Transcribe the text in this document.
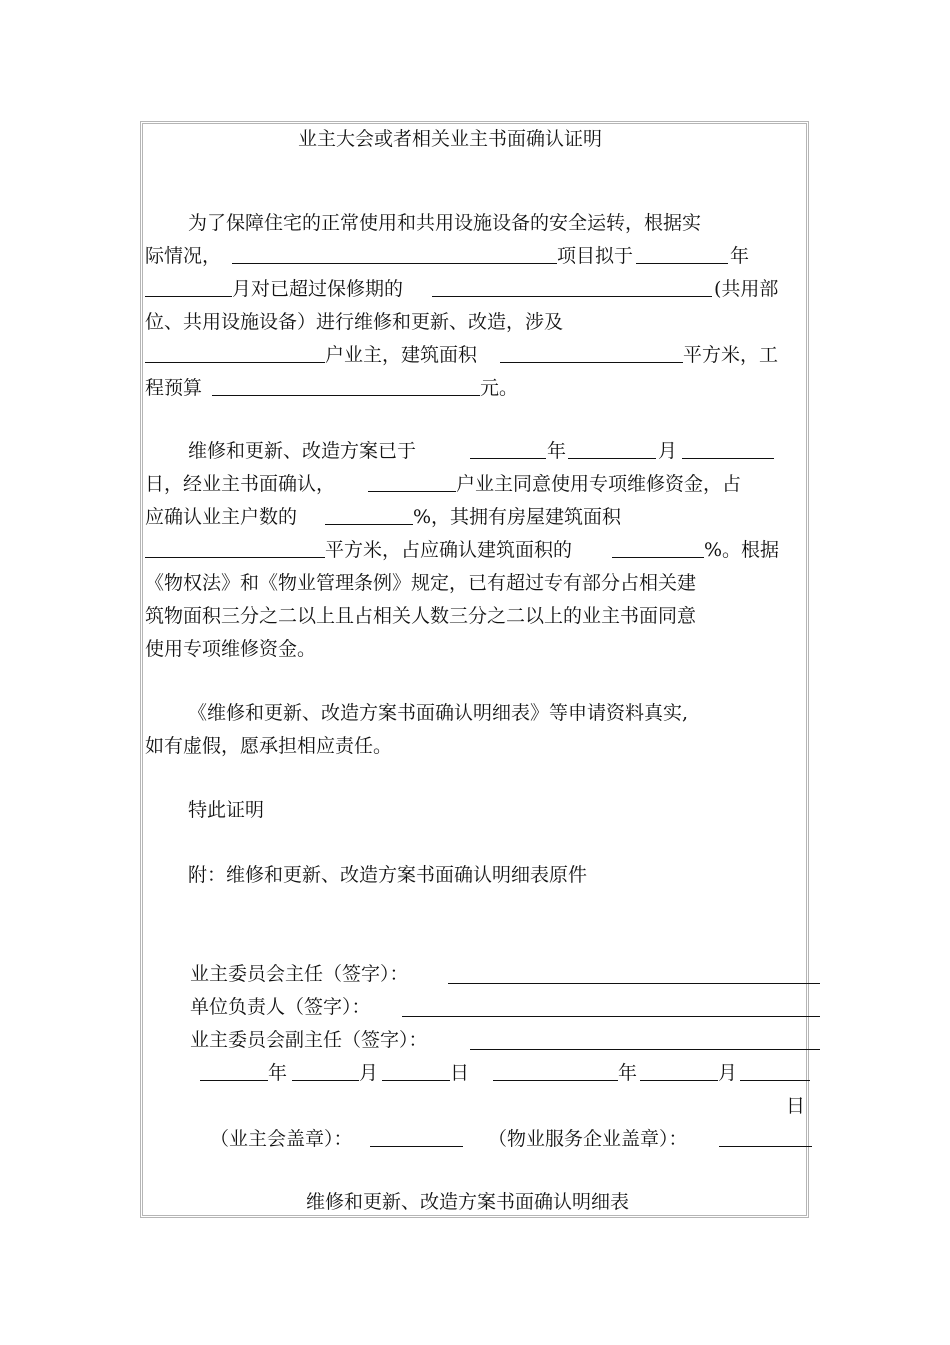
业主大会或者相关业主书面确认证明
为了保障住宅的正常使用和共用设施设备的安全运转，根据实
际情况，	项目拟于	年
月对已超过保修期的	(共用部
位、共用设施设备）进行维修和更新、改造，涉及
户业主，建筑面积	平方米，工
程预算	元。
维修和更新、改造方案已于	年	月
日，经业主书面确认，	户业主同意使用专项维修资金，占
应确认业主户数的	%，其拥有房屋建筑面积
平方米，占应确认建筑面积的	%。根据
《物权法》和《物业管理条例》规定，已有超过专有部分占相关建
筑物面积三分之二以上且占相关人数三分之二以上的业主书面同意
使用专项维修资金。
《维修和更新、改造方案书面确认明细表》等申请资料真实,
如有虚假，愿承担相应责任。
特此证明
附：维修和更新、改造方案书面确认明细表原件
业主委员会主任（签字）：
单位负责人（签字）：
业主委员会副主任（签字）：
年	月	日	年	月
日
（业主会盖章）：	（物业服务企业盖章）：
维修和更新、改造方案书面确认明细表
